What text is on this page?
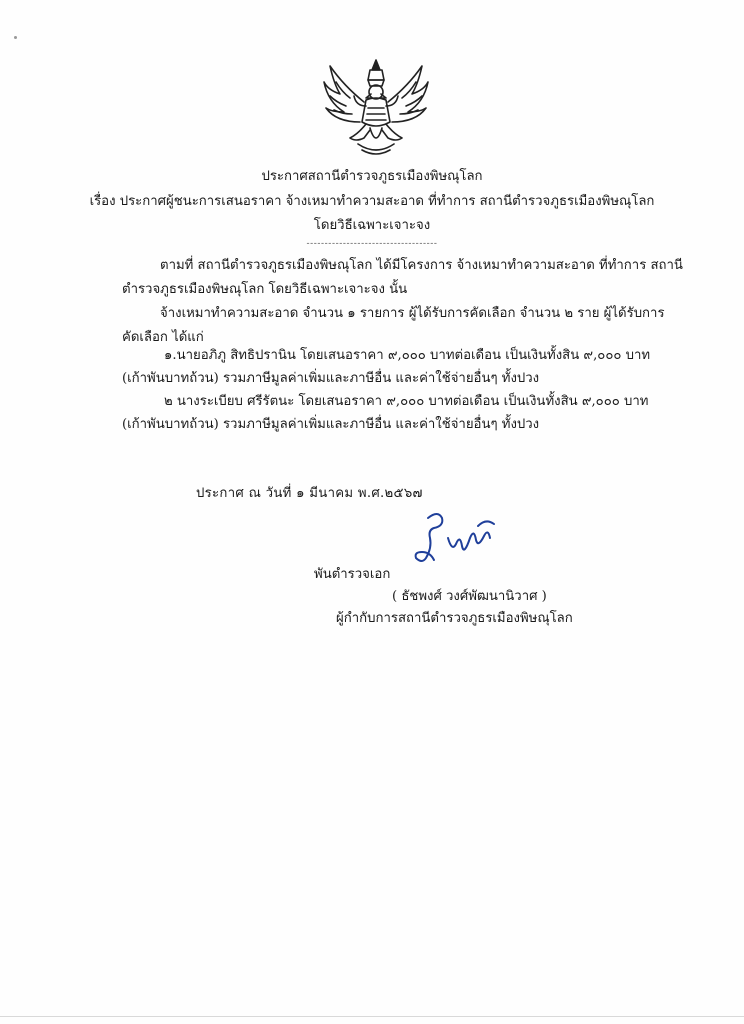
ประกาศสถานีตำรวจภูธรเมืองพิษณุโลก
เรื่อง ประกาศผู้ชนะการเสนอราคา จ้างเหมาทำความสะอาด ที่ทำการ สถานีตำรวจภูธรเมืองพิษณุโลก
โดยวิธีเฉพาะเจาะจง
------------------------------------
ตามที่ สถานีตำรวจภูธรเมืองพิษณุโลก ได้มีโครงการ จ้างเหมาทำความสะอาด ที่ทำการ สถานี
ตำรวจภูธรเมืองพิษณุโลก โดยวิธีเฉพาะเจาะจง นั้น
จ้างเหมาทำความสะอาด จำนวน ๑ รายการ ผู้ได้รับการคัดเลือก จำนวน ๒ ราย ผู้ได้รับการ
คัดเลือก ได้แก่
๑.นายอภิภู สิทธิปรานิน โดยเสนอราคา ๙,๐๐๐ บาทต่อเดือน เป็นเงินทั้งสิน ๙,๐๐๐ บาท
(เก้าพันบาทถ้วน) รวมภาษีมูลค่าเพิ่มและภาษีอื่น และค่าใช้จ่ายอื่นๆ ทั้งปวง
๒ นางระเบียบ ศรีรัตนะ โดยเสนอราคา ๙,๐๐๐ บาทต่อเดือน เป็นเงินทั้งสิน ๙,๐๐๐ บาท
(เก้าพันบาทถ้วน) รวมภาษีมูลค่าเพิ่มและภาษีอื่น และค่าใช้จ่ายอื่นๆ ทั้งปวง
ประกาศ ณ วันที่ ๑ มีนาคม พ.ศ.๒๕๖๗
พันตำรวจเอก
( ธัชพงศ์ วงศ์พัฒนานิวาศ )
ผู้กำกับการสถานีตำรวจภูธรเมืองพิษณุโลก
